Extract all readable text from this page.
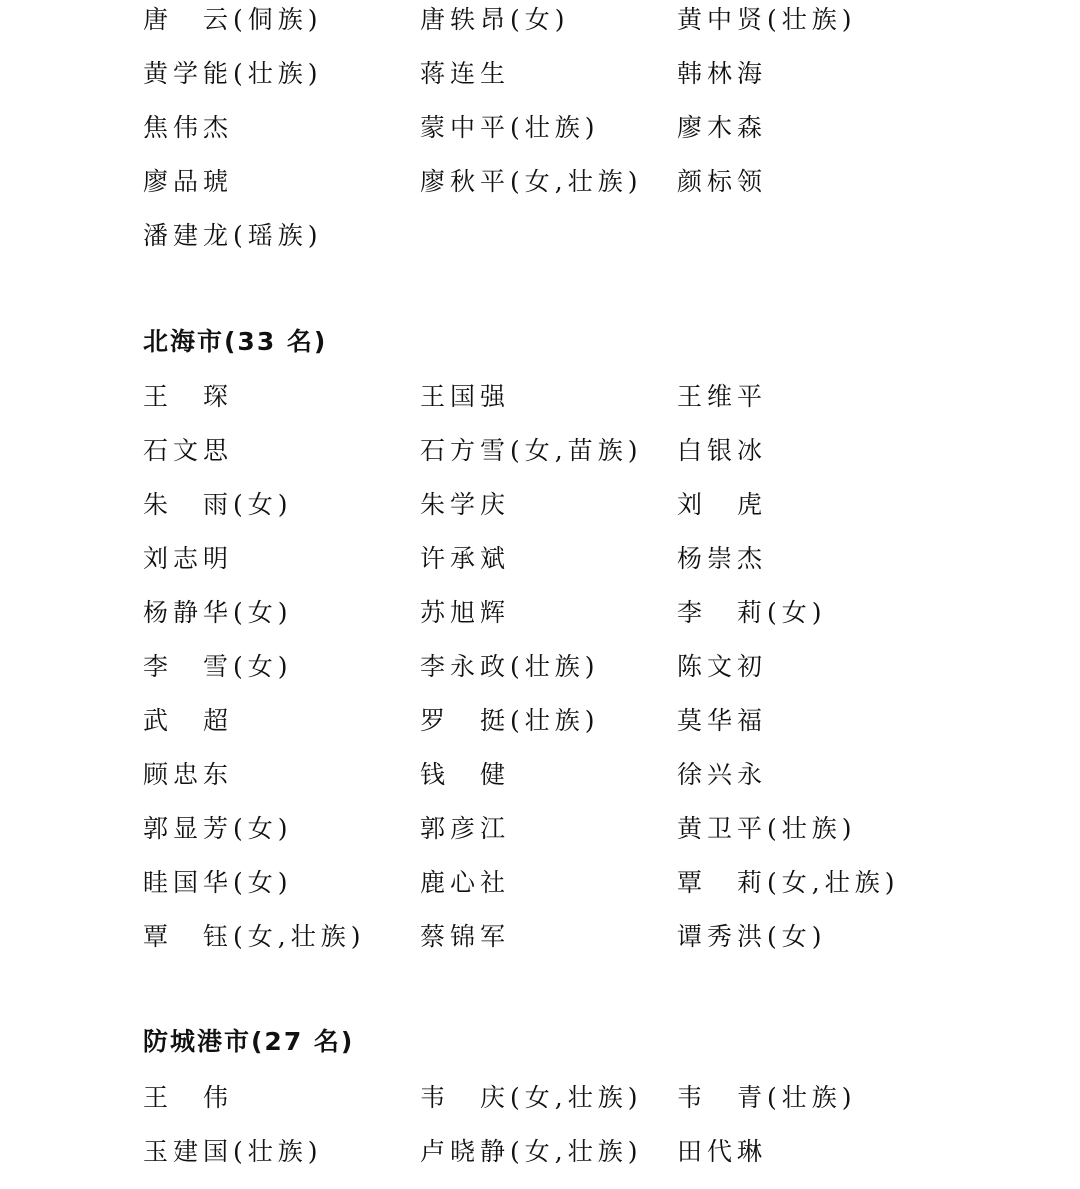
唐　云(侗族)	唐轶昂(女)	黄中贤(壮族)
黄学能(壮族)	蒋连生	韩林海
焦伟杰	蒙中平(壮族)	廖木森
廖品琥	廖秋平(女,壮族)	颜标领
潘建龙(瑶族)
北海市(33 名)
王　琛	王国强	王维平
石文思	石方雪(女,苗族)	白银冰
朱　雨(女)	朱学庆	刘　虎
刘志明	许承斌	杨崇杰
杨静华(女)	苏旭辉	李　莉(女)
李　雪(女)	李永政(壮族)	陈文初
武　超	罗　挺(壮族)	莫华福
顾忠东	钱　健	徐兴永
郭显芳(女)	郭彦江	黄卫平(壮族)
眭国华(女)	鹿心社	覃　莉(女,壮族)
覃　钰(女,壮族)	蔡锦军	谭秀洪(女)
防城港市(27 名)
王　伟	韦　庆(女,壮族)	韦　青(壮族)
玉建国(壮族)	卢晓静(女,壮族)	田代琳
